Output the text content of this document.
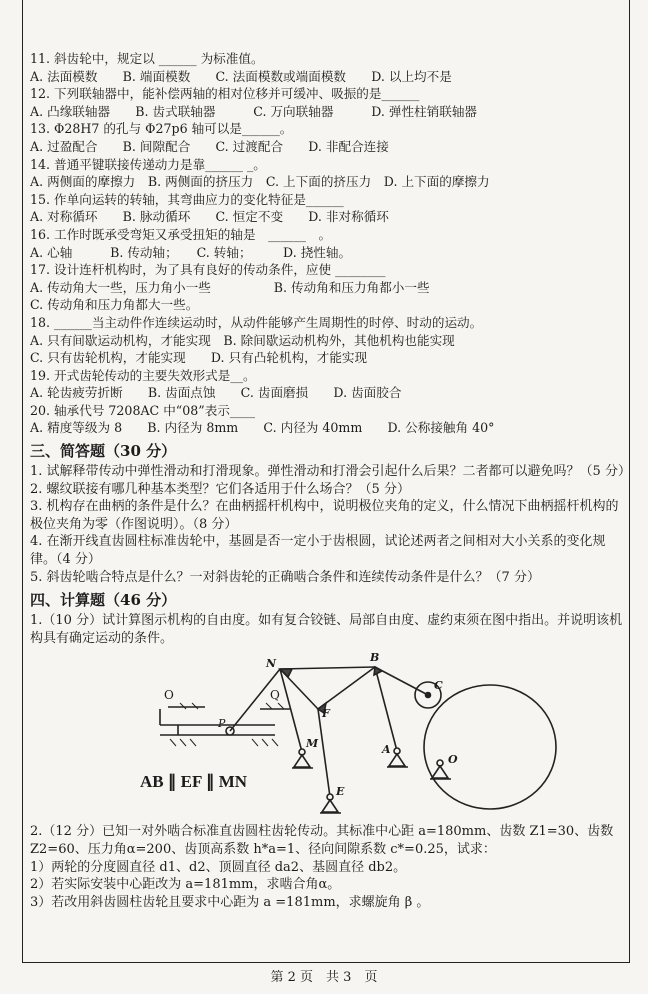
11. 斜齿轮中，规定以 ______ 为标准值。
A. 法面模数　　B. 端面模数　　C. 法面模数或端面模数　　D. 以上均不是
12. 下列联轴器中，能补偿两轴的相对位移并可缓冲、吸振的是______
A. 凸缘联轴器　　B. 齿式联轴器　　　C. 万向联轴器　　　D. 弹性柱销联轴器
13. Φ28H7 的孔与 Φ27p6 轴可以是______。
A. 过盈配合　　B. 间隙配合　　C. 过渡配合　　D. 非配合连接
14. 普通平键联接传递动力是靠______ _。
A. 两侧面的摩擦力　B. 两侧面的挤压力　C. 上下面的挤压力　D. 上下面的摩擦力
15. 作单向运转的转轴，其弯曲应力的变化特征是______
A. 对称循环　　B. 脉动循环　　C. 恒定不变　　D. 非对称循环
16. 工作时既承受弯矩又承受扭矩的轴是　______　。
A. 心轴　　　B. 传动轴；　　C. 转轴；　　　D. 挠性轴。
17. 设计连杆机构时，为了具有良好的传动条件，应使 ________
A. 传动角大一些，压力角小一些　　　　　B. 传动角和压力角都小一些
C. 传动角和压力角都大一些。
18. ______当主动件作连续运动时，从动件能够产生周期性的时停、时动的运动。
A. 只有间歇运动机构，才能实现　B. 除间歇运动机构外，其他机构也能实现
C. 只有齿轮机构，才能实现　　D. 只有凸轮机构，才能实现
19. 开式齿轮传动的主要失效形式是__。
A. 轮齿疲劳折断　　B. 齿面点蚀　　C. 齿面磨损　　D. 齿面胶合
20. 轴承代号 7208AC 中“08”表示____
A. 精度等级为 8　　B. 内径为 8mm　　C. 内径为 40mm　　D. 公称接触角 40°
三、简答题（30 分）
1. 试解释带传动中弹性滑动和打滑现象。弹性滑动和打滑会引起什么后果？二者都可以避免吗？（5 分）
2. 螺纹联接有哪几种基本类型？它们各适用于什么场合？（5 分）
3. 机构存在曲柄的条件是什么？在曲柄摇杆机构中，说明极位夹角的定义，什么情况下曲柄摇杆机构的极位夹角为零（作图说明）。（8 分）
4. 在渐开线直齿圆柱标准齿轮中，基圆是否一定小于齿根圆，试论述两者之间相对大小关系的变化规律。（4 分）
5. 斜齿轮啮合特点是什么？一对斜齿轮的正确啮合条件和连续传动条件是什么？（7 分）
四、计算题（46 分）
1.（10 分）试计算图示机构的自由度。如有复合铰链、局部自由度、虚约束须在图中指出。并说明该机构具有确定运动的条件。
O	Q
P
N	B
C
F
M	A
O
E
AB ∥ EF ∥ MN
2.（12 分）已知一对外啮合标准直齿圆柱齿轮传动。其标准中心距 a=180mm、齿数 Z1=30、齿数 Z2=60、压力角α=200、齿顶高系数 h*a=1、径向间隙系数 c*=0.25，试求：
1）两轮的分度圆直径 d1、d2、顶圆直径 da2、基圆直径 db2。
2）若实际安装中心距改为 a=181mm，求啮合角α。
3）若改用斜齿圆柱齿轮且要求中心距为 a =181mm，求螺旋角 β 。
第 2 页　共 3　页
